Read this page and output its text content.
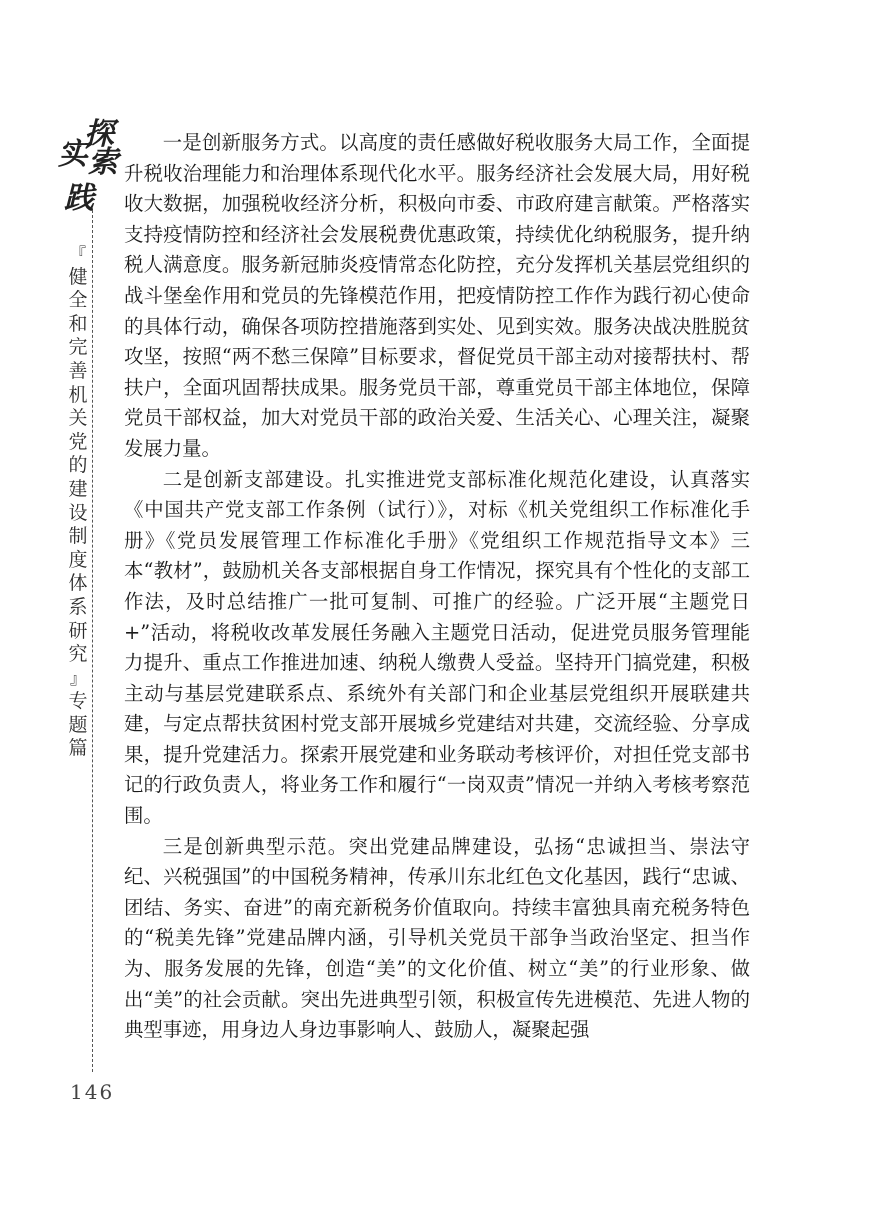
探
索
实
践
『
健
全
和
完
善
机
关
党
的
建
设
制
度
体
系
研
究
』
专
题
篇
146

一是创新服务方式。以高度的责任感做好税收服务大局工作，全面提升税收治理能力和治理体系现代化水平。服务经济社会发展大局，用好税收大数据，加强税收经济分析，积极向市委、市政府建言献策。严格落实支持疫情防控和经济社会发展税费优惠政策，持续优化纳税服务，提升纳税人满意度。服务新冠肺炎疫情常态化防控，充分发挥机关基层党组织的战斗堡垒作用和党员的先锋模范作用，把疫情防控工作作为践行初心使命的具体行动，确保各项防控措施落到实处、见到实效。服务决战决胜脱贫攻坚，按照“两不愁三保障”目标要求，督促党员干部主动对接帮扶村、帮扶户，全面巩固帮扶成果。服务党员干部，尊重党员干部主体地位，保障党员干部权益，加大对党员干部的政治关爱、生活关心、心理关注，凝聚发展力量。

二是创新支部建设。扎实推进党支部标准化规范化建设，认真落实《中国共产党支部工作条例（试行）》，对标《机关党组织工作标准化手册》《党员发展管理工作标准化手册》《党组织工作规范指导文本》三本“教材”，鼓励机关各支部根据自身工作情况，探究具有个性化的支部工作法，及时总结推广一批可复制、可推广的经验。广泛开展“主题党日+”活动，将税收改革发展任务融入主题党日活动，促进党员服务管理能力提升、重点工作推进加速、纳税人缴费人受益。坚持开门搞党建，积极主动与基层党建联系点、系统外有关部门和企业基层党组织开展联建共建，与定点帮扶贫困村党支部开展城乡党建结对共建，交流经验、分享成果，提升党建活力。探索开展党建和业务联动考核评价，对担任党支部书记的行政负责人，将业务工作和履行“一岗双责”情况一并纳入考核考察范围。

三是创新典型示范。突出党建品牌建设，弘扬“忠诚担当、崇法守纪、兴税强国”的中国税务精神，传承川东北红色文化基因，践行“忠诚、团结、务实、奋进”的南充新税务价值取向。持续丰富独具南充税务特色的“税美先锋”党建品牌内涵，引导机关党员干部争当政治坚定、担当作为、服务发展的先锋，创造“美”的文化价值、树立“美”的行业形象、做出“美”的社会贡献。突出先进典型引领，积极宣传先进模范、先进人物的典型事迹，用身边人身边事影响人、鼓励人，凝聚起强
